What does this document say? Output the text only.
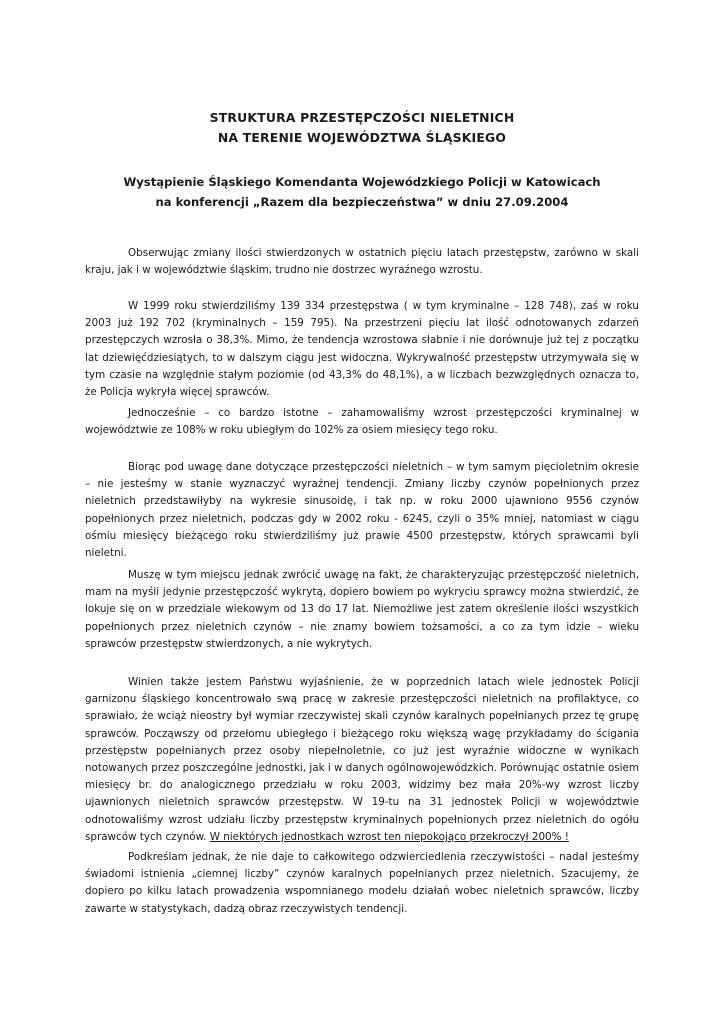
STRUKTURA PRZESTĘPCZOŚCI NIELETNICH
NA TERENIE WOJEWÓDZTWA ŚLĄSKIEGO
Wystąpienie Śląskiego Komendanta Wojewódzkiego Policji w Katowicach
na konferencji „Razem dla bezpieczeństwa” w dniu 27.09.2004

Obserwując zmiany ilości stwierdzonych w ostatnich pięciu latach przestępstw, zarówno w skali kraju, jak i w województwie śląskim, trudno nie dostrzec wyraźnego wzrostu.

W 1999 roku stwierdziliśmy 139 334 przestępstwa ( w tym kryminalne – 128 748), zaś w roku 2003 już 192 702 (kryminalnych – 159 795). Na przestrzeni pięciu lat ilość odnotowanych zdarzeń przestępczych wzrosła o 38,3%. Mimo, że tendencja wzrostowa słabnie i nie dorównuje już tej z początku lat dziewięćdziesiątych, to w dalszym ciągu jest widoczna. Wykrywalność przestępstw utrzymywała się w tym czasie na względnie stałym poziomie (od 43,3% do 48,1%), a w liczbach bezwzględnych oznacza to, że Policja wykryła więcej sprawców.

Jednocześnie – co bardzo istotne – zahamowaliśmy wzrost przestępczości kryminalnej w województwie ze 108% w roku ubiegłym do 102% za osiem miesięcy tego roku.

Biorąc pod uwagę dane dotyczące przestępczości nieletnich – w tym samym pięcioletnim okresie – nie jesteśmy w stanie wyznaczyć wyraźnej tendencji. Zmiany liczby czynów popełnionych przez nieletnich przedstawiłyby na wykresie sinusoidę, i tak np. w roku 2000 ujawniono 9556 czynów popełnionych przez nieletnich, podczas gdy w 2002 roku - 6245, czyli o 35% mniej, natomiast w ciągu ośmiu miesięcy bieżącego roku stwierdziliśmy już prawie 4500 przestępstw, których sprawcami byli nieletni.

Muszę w tym miejscu jednak zwrócić uwagę na fakt, że charakteryzując przestępczość nieletnich, mam na myśli jedynie przestępczość wykrytą, dopiero bowiem po wykryciu sprawcy można stwierdzić, że lokuje się on w przedziale wiekowym od 13 do 17 lat. Niemożliwe jest zatem określenie ilości wszystkich popełnionych przez nieletnich czynów – nie znamy bowiem tożsamości, a co za tym idzie – wieku sprawców przestępstw stwierdzonych, a nie wykrytych.

Winien także jestem Państwu wyjaśnienie, że w poprzednich latach wiele jednostek Policji garnizonu śląskiego koncentrowało swą pracę w zakresie przestępczości nieletnich na profilaktyce, co sprawiało, że wciąż nieostry był wymiar rzeczywistej skali czynów karalnych popełnianych przez tę grupę sprawców. Począwszy od przełomu ubiegłego i bieżącego roku większą wagę przykładamy do ścigania przestępstw popełnianych przez osoby niepełnoletnie, co już jest wyraźnie widoczne w wynikach notowanych przez poszczególne jednostki, jak i w danych ogólnowojewódzkich. Porównując ostatnie osiem miesięcy br. do analogicznego przedziału w roku 2003, widzimy bez mała 20%-wy wzrost liczby ujawnionych nieletnich sprawców przestępstw. W 19-tu na 31 jednostek Policji w województwie odnotowaliśmy wzrost udziału liczby przestępstw kryminalnych popełnionych przez nieletnich do ogółu sprawców tych czynów. W niektórych jednostkach wzrost ten niepokojąco przekroczył 200% !

Podkreślam jednak, że nie daje to całkowitego odzwierciedlenia rzeczywistości – nadal jesteśmy świadomi istnienia „ciemnej liczby” czynów karalnych popełnianych przez nieletnich. Szacujemy, że dopiero po kilku latach prowadzenia wspomnianego modelu działań wobec nieletnich sprawców, liczby zawarte w statystykach, dadzą obraz rzeczywistych tendencji.
